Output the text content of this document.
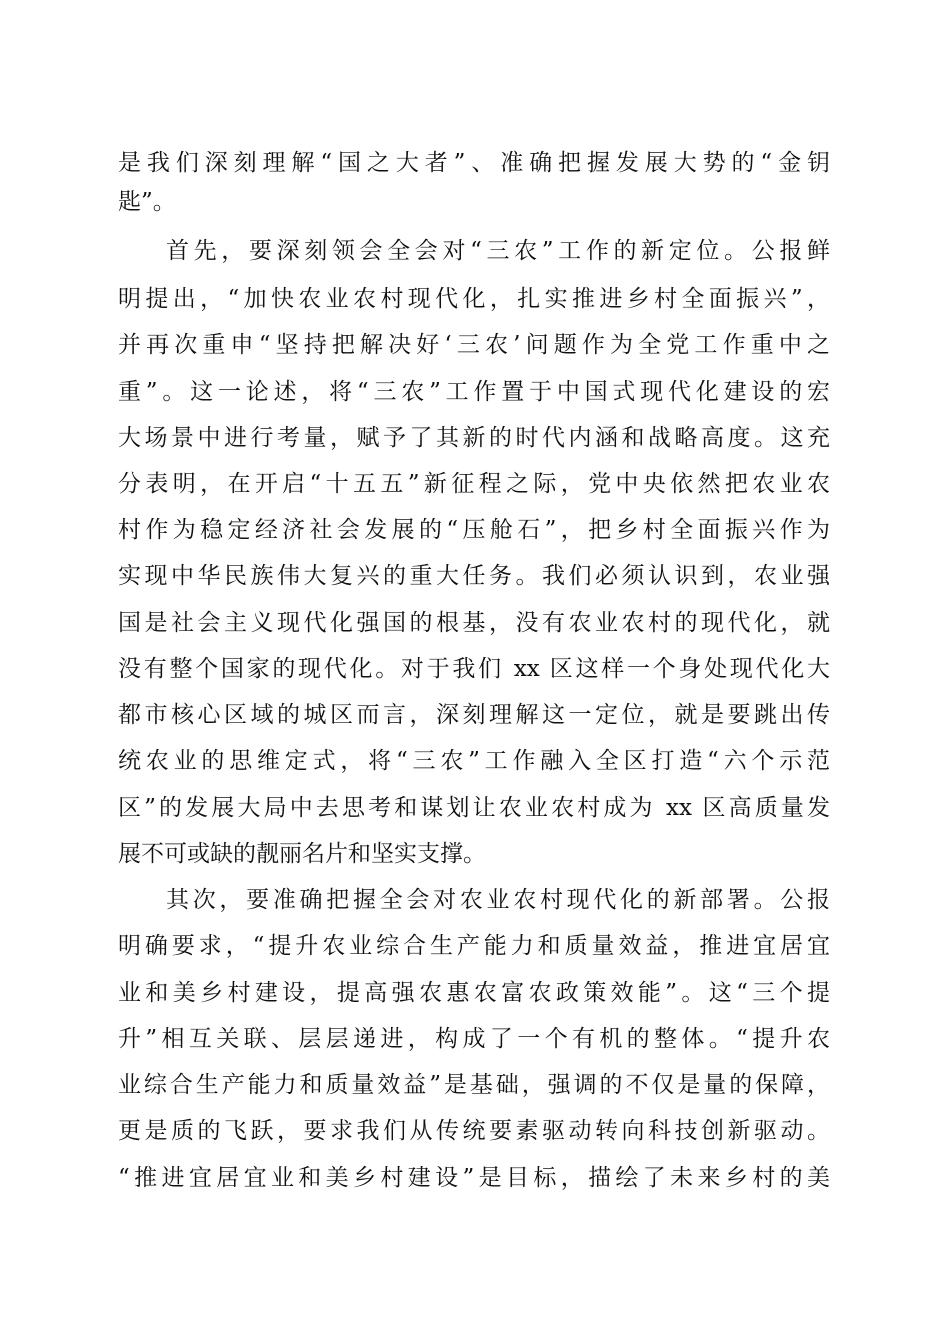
是我们深刻理解“国之大者”、准确把握发展大势的“金钥
匙”。
首先，要深刻领会全会对“三农”工作的新定位。公报鲜
明提出，“加快农业农村现代化，扎实推进乡村全面振兴”，
并再次重申“坚持把解决好‘三农’问题作为全党工作重中之
重”。这一论述，将“三农”工作置于中国式现代化建设的宏
大场景中进行考量，赋予了其新的时代内涵和战略高度。这充
分表明，在开启“十五五”新征程之际，党中央依然把农业农
村作为稳定经济社会发展的“压舱石”，把乡村全面振兴作为
实现中华民族伟大复兴的重大任务。我们必须认识到，农业强
国是社会主义现代化强国的根基，没有农业农村的现代化，就
没有整个国家的现代化。对于我们 xx 区这样一个身处现代化大
都市核心区域的城区而言，深刻理解这一定位，就是要跳出传
统农业的思维定式，将“三农”工作融入全区打造“六个示范
区”的发展大局中去思考和谋划让农业农村成为 xx 区高质量发
展不可或缺的靓丽名片和坚实支撑。
其次，要准确把握全会对农业农村现代化的新部署。公报
明确要求，“提升农业综合生产能力和质量效益，推进宜居宜
业和美乡村建设，提高强农惠农富农政策效能”。这“三个提
升”相互关联、层层递进，构成了一个有机的整体。“提升农
业综合生产能力和质量效益”是基础，强调的不仅是量的保障，
更是质的飞跃，要求我们从传统要素驱动转向科技创新驱动。
“推进宜居宜业和美乡村建设”是目标，描绘了未来乡村的美
